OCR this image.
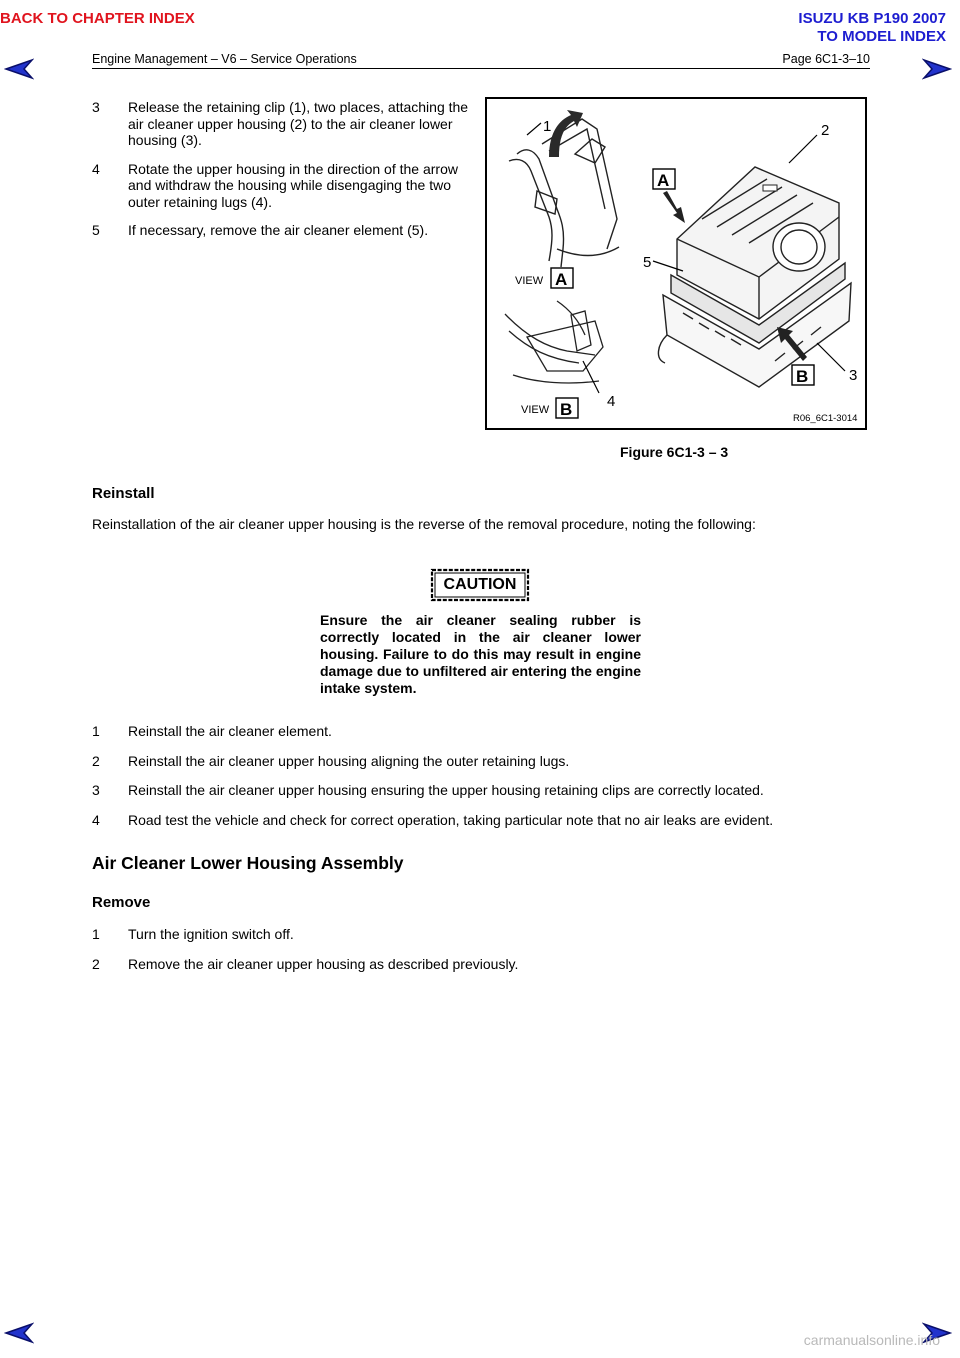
BACK TO CHAPTER INDEX	ISUZU KB P190 2007
TO MODEL INDEX
Engine Management – V6 – Service Operations	Page 6C1-3–10
3	Release the retaining clip (1), two places, attaching the air cleaner upper housing (2) to the air cleaner lower housing (3).
4	Rotate the upper housing in the direction of the arrow and withdraw the housing while disengaging the two outer retaining lugs (4).
5	If necessary, remove the air cleaner element (5).
1
VIEW A
4
VIEW B
2
5
3
A
B
R06_6C1-3014
Figure 6C1-3 – 3
Reinstall
Reinstallation of the air cleaner upper housing is the reverse of the removal procedure, noting the following:
CAUTION
Ensure the air cleaner sealing rubber is correctly located in the air cleaner lower housing. Failure to do this may result in engine damage due to unfiltered air entering the engine intake system.
1	Reinstall the air cleaner element.
2	Reinstall the air cleaner upper housing aligning the outer retaining lugs.
3	Reinstall the air cleaner upper housing ensuring the upper housing retaining clips are correctly located.
4	Road test the vehicle and check for correct operation, taking particular note that no air leaks are evident.
Air Cleaner Lower Housing Assembly
Remove
1	Turn the ignition switch off.
2	Remove the air cleaner upper housing as described previously.
carmanualsonline.info
